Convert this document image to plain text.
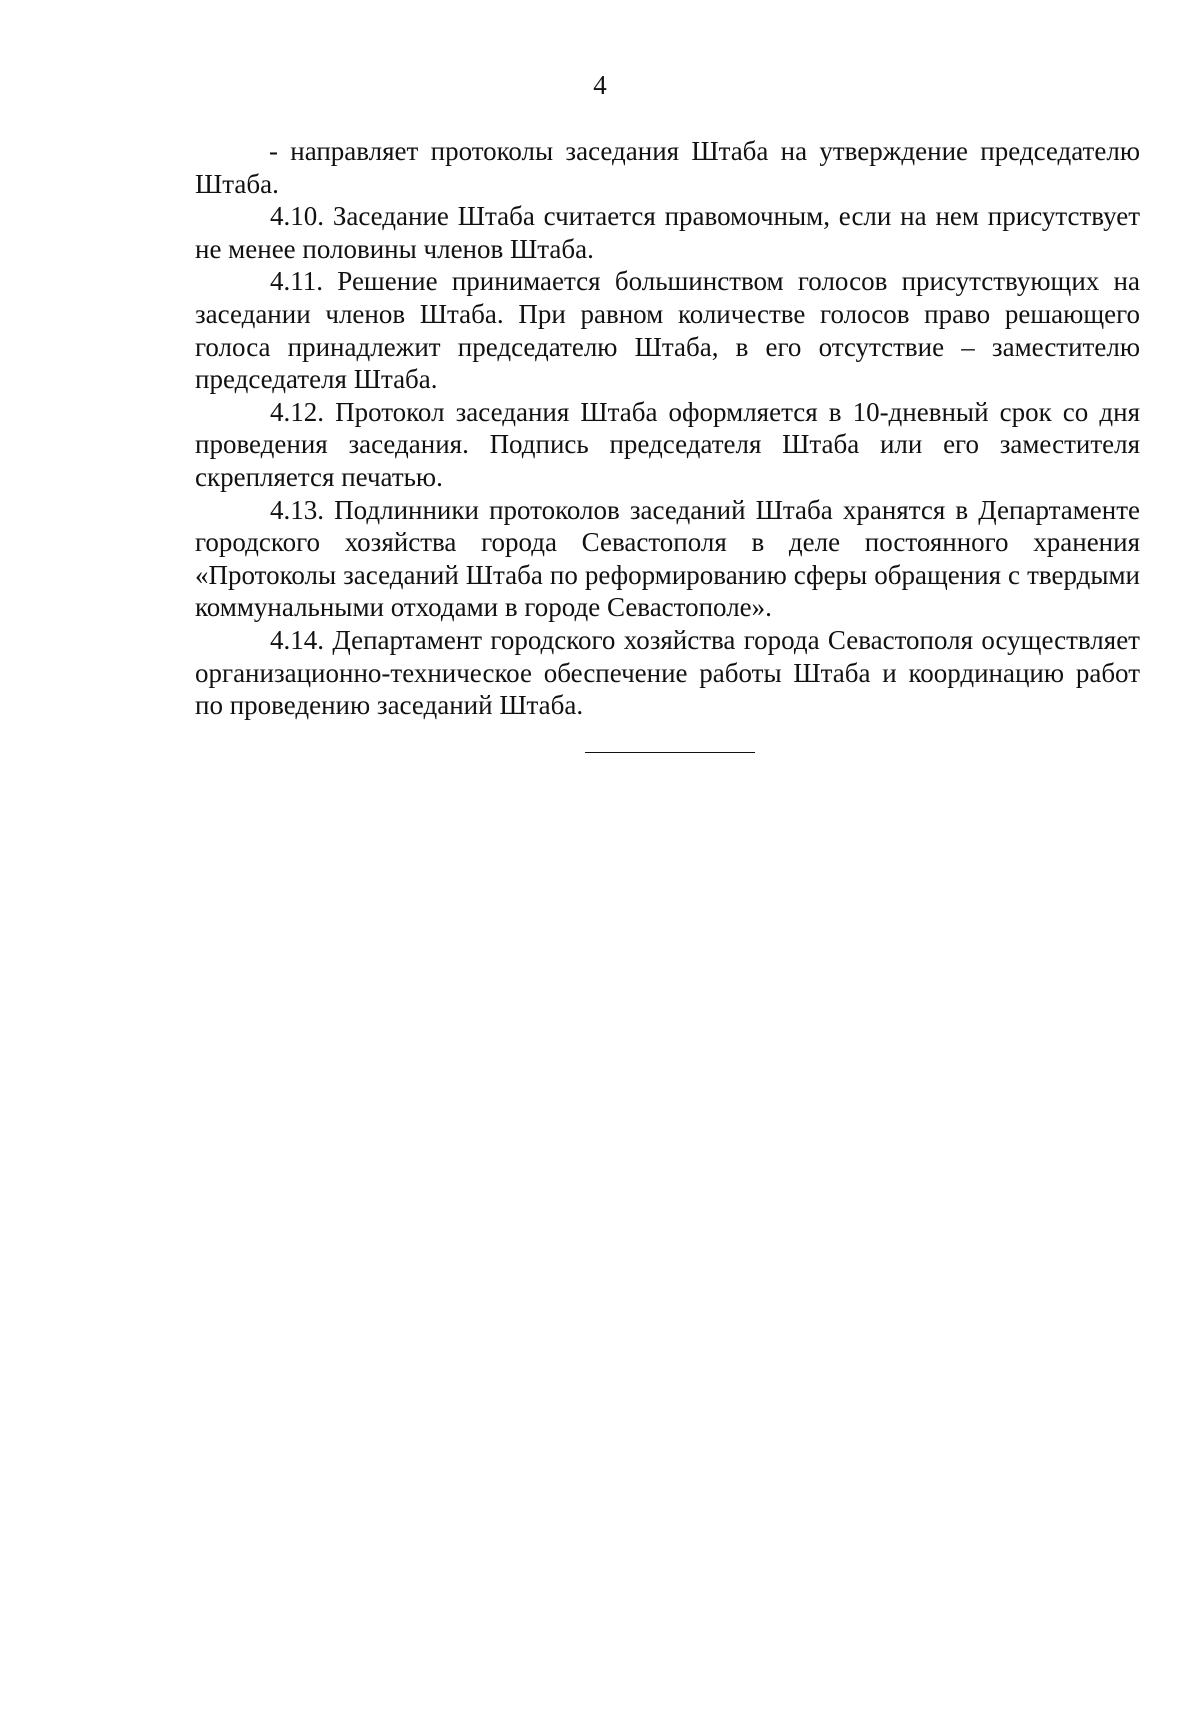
4

- направляет протоколы заседания Штаба на утверждение председателю Штаба.

4.10. Заседание Штаба считается правомочным, если на нем присутствует не менее половины членов Штаба.

4.11. Решение принимается большинством голосов присутствующих на заседании членов Штаба. При равном количестве голосов право решающего голоса принадлежит председателю Штаба, в его отсутствие – заместителю председателя Штаба.

4.12. Протокол заседания Штаба оформляется в 10-дневный срок со дня проведения заседания. Подпись председателя Штаба или его заместителя скрепляется печатью.

4.13. Подлинники протоколов заседаний Штаба хранятся в Департаменте городского хозяйства города Севастополя в деле постоянного хранения «Протоколы заседаний Штаба по реформированию сферы обращения с твердыми коммунальными отходами в городе Севастополе».

4.14. Департамент городского хозяйства города Севастополя осуществляет организационно-техническое обеспечение работы Штаба и координацию работ по проведению заседаний Штаба.
